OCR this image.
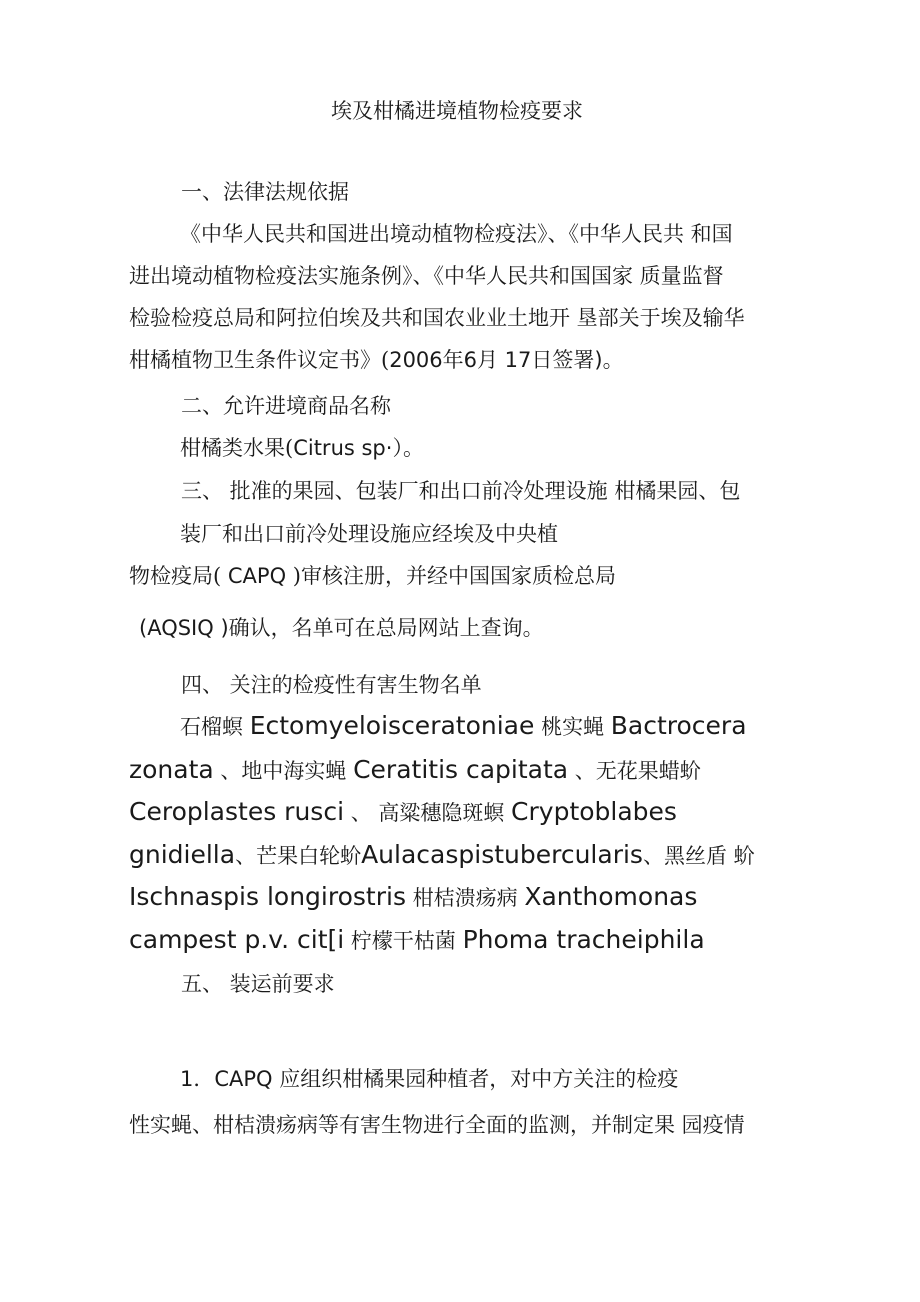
埃及柑橘进境植物检疫要求
一、法律法规依据
《中华人民共和国进出境动植物检疫法》、《中华人民共 和国
进出境动植物检疫法实施条例》、《中华人民共和国国家 质量监督
检验检疫总局和阿拉伯埃及共和国农业业土地开 垦部关于埃及输华
柑橘植物卫生条件议定书》(2006年6月 17日签署)。
二、允许进境商品名称
柑橘类水果(Citrus sp·）。
三、 批准的果园、包装厂和出口前冷处理设施 柑橘果园、包
装厂和出口前冷处理设施应经埃及中央植
物检疫局( CAPQ )审核注册，并经中国国家质检总局
(AQSIQ )确认，名单可在总局网站上查询。
四、 关注的检疫性有害生物名单
石榴螟 Ectomyeloisceratoniae 桃实蝇 Bactrocera
zonata 、地中海实蝇 Ceratitis capitata 、无花果蜡蚧
Ceroplastes rusci 、 高粱穗隐斑螟 Cryptoblabes
gnidiella、芒果白轮蚧Aulacaspistubercularis、黑丝盾 蚧
Ischnaspis longirostris 柑桔溃疡病 Xanthomonas
campest p.v. cit[i 柠檬干枯菌 Phoma tracheiphila
五、 装运前要求
1．CAPQ 应组织柑橘果园种植者，对中方关注的检疫
性实蝇、柑桔溃疡病等有害生物进行全面的监测，并制定果 园疫情
